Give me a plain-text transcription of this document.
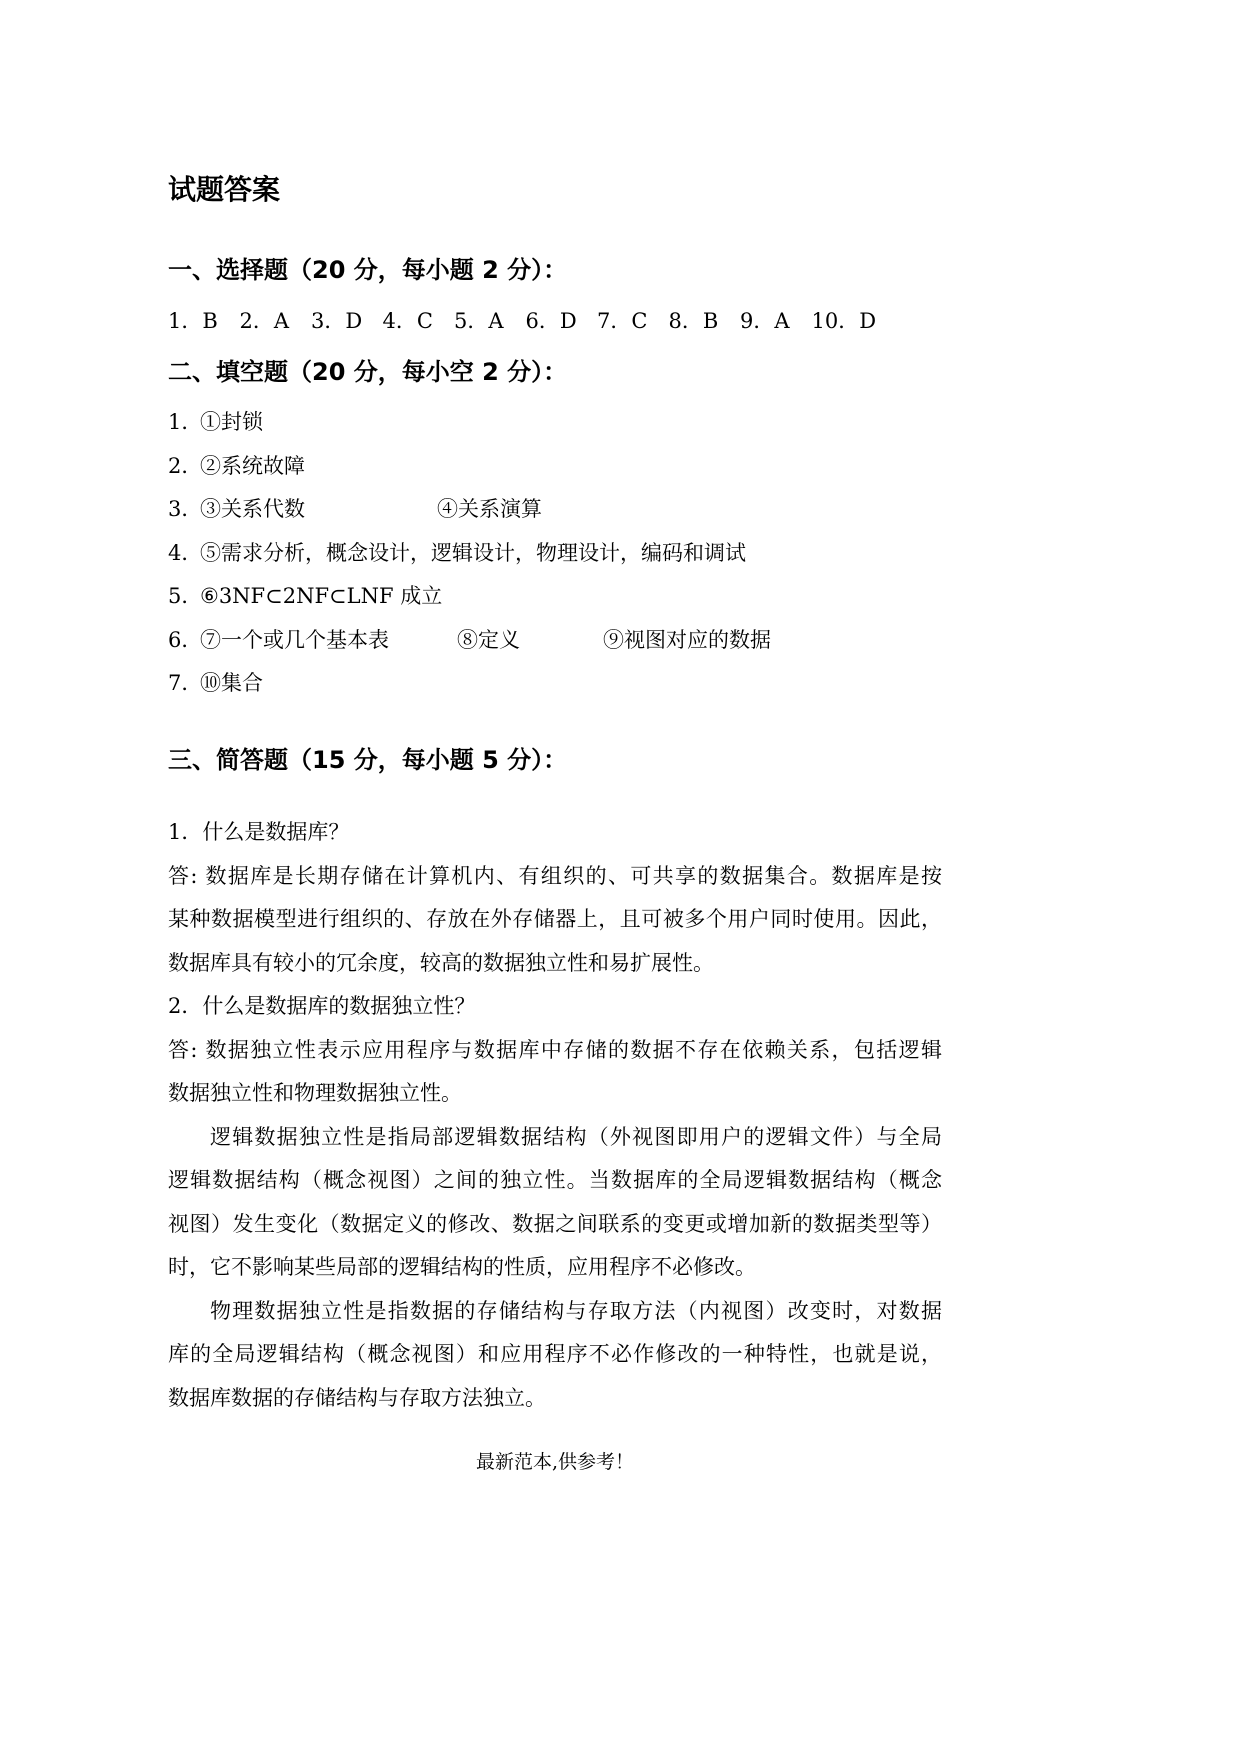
试题答案
一、选择题（20 分，每小题 2 分）：
1．B 2．A 3．D 4．C 5．A 6．D 7．C 8．B 9．A 10．D
二、填空题（20 分，每小空 2 分）：
1．
①封锁
2．
②系统故障
3．
③关系代数	④关系演算
4．
⑤需求分析，概念设计，逻辑设计，物理设计，编码和调试
5．
⑥3NF⊂2NF⊂LNF 成立
6．
⑦一个或几个基本表	⑧定义	⑨视图对应的数据
7．
⑩集合
三、简答题（15 分，每小题 5 分）：
1．什么是数据库？
答: 数据库是长期存储在计算机内、有组织的、可共享的数据集合。数据库是按
某种数据模型进行组织的、存放在外存储器上，且可被多个用户同时使用。因此，
数据库具有较小的冗余度，较高的数据独立性和易扩展性。
2．什么是数据库的数据独立性？
答: 数据独立性表示应用程序与数据库中存储的数据不存在依赖关系，包括逻辑
数据独立性和物理数据独立性。
逻辑数据独立性是指局部逻辑数据结构（外视图即用户的逻辑文件）与全局
逻辑数据结构（概念视图）之间的独立性。当数据库的全局逻辑数据结构（概念
视图）发生变化（数据定义的修改、数据之间联系的变更或增加新的数据类型等）
时，它不影响某些局部的逻辑结构的性质，应用程序不必修改。
物理数据独立性是指数据的存储结构与存取方法（内视图）改变时，对数据
库的全局逻辑结构（概念视图）和应用程序不必作修改的一种特性，也就是说，
数据库数据的存储结构与存取方法独立。
最新范本,供参考！
